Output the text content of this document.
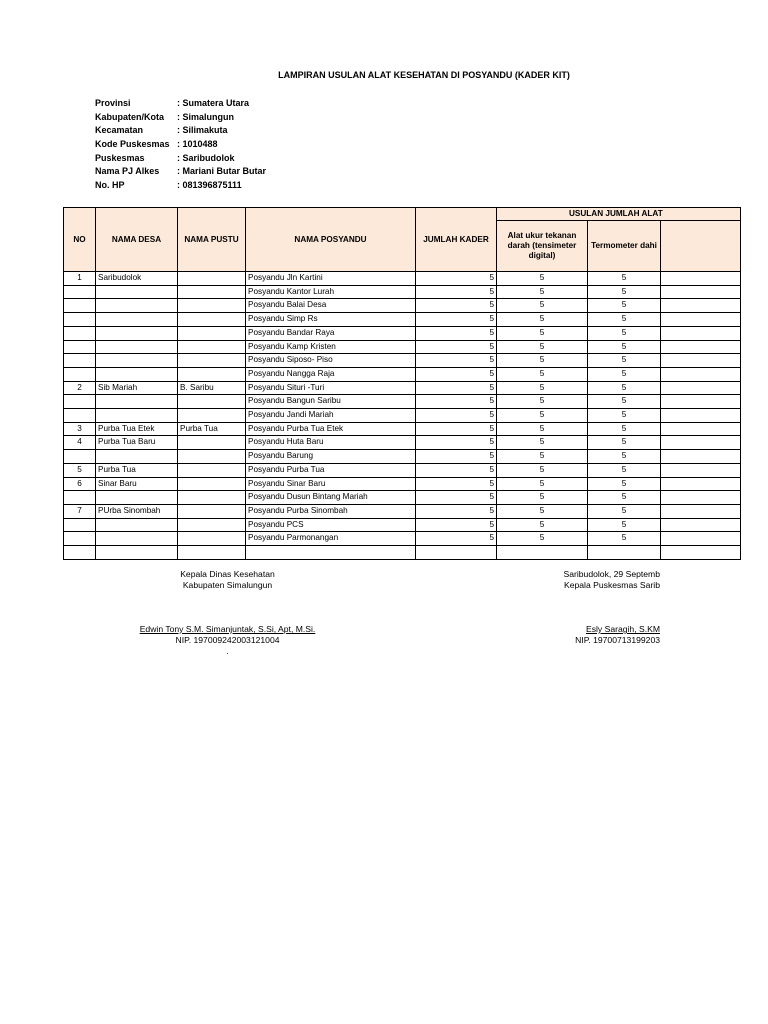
LAMPIRAN USULAN ALAT KESEHATAN DI POSYANDU (KADER KIT)
Provinsi	: Sumatera Utara
Kabupaten/Kota : Simalungun
Kecamatan	: Silimakuta
Kode Puskesmas : 1010488
Puskesmas	: Saribudolok
Nama PJ Alkes : Mariani Butar Butar
No. HP	: 081396875111
NO	NAMA DESA	NAMA PUSTU	NAMA POSYANDU	JUMLAH KADER	USULAN JUMLAH ALAT		
					Alat ukur tekanan darah (tensimeter digital)	Termometer dahi	
1	Saribudolok		Posyandu Jln Kartini	5	5	5	
			Posyandu Kantor Lurah	5	5	5	
			Posyandu Balai Desa	5	5	5	
			Posyandu Simp Rs	5	5	5	
			Posyandu Bandar Raya	5	5	5	
			Posyandu Kamp Kristen	5	5	5	
			Posyandu Siposo- Piso	5	5	5	
			Posyandu Nangga Raja	5	5	5	
2	Sib Mariah	B. Saribu	Posyandu Situri -Turi	5	5	5	
			Posyandu Bangun Saribu	5	5	5	
			Posyandu Jandi Mariah	5	5	5	
3	Purba Tua Etek	Purba Tua	Posyandu Purba Tua Etek	5	5	5	
4	Purba Tua Baru		Posyandu Huta Baru	5	5	5	
			Posyandu Barung	5	5	5	
5	Purba Tua		Posyandu Purba Tua	5	5	5	
6	Sinar Baru		Posyandu Sinar Baru	5	5	5	
			Posyandu Dusun Bintang Mariah	5	5	5	
7	PUrba Sinombah		Posyandu Purba Sinombah	5	5	5	
			Posyandu PCS	5	5	5	
			Posyandu Parmonangan	5	5	5	

Kepala Dinas Kesehatan
Kabupaten Simalungun
Edwin Tony S.M. Simanjuntak, S.Si, Apt, M.Si.
NIP. 197009242003121004
.
Saribudolok, 29 Septemb
Kepala Puskesmas Sarib
Esly Saragih, S.KM
NIP. 19700713199203
